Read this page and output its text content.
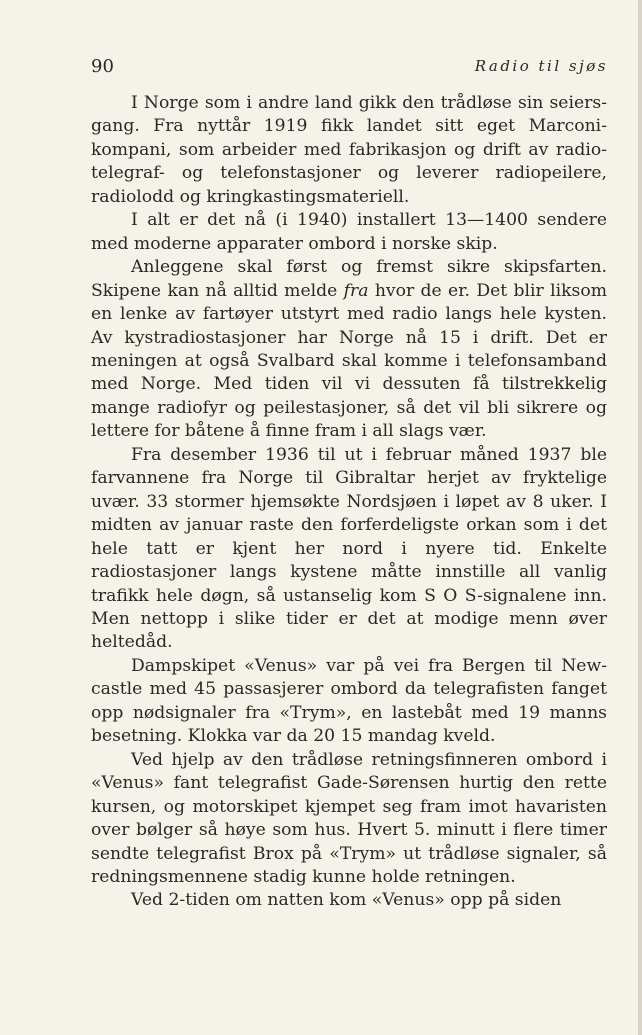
90	Radio til sjøs

I Norge som i andre land gikk den trådløse sin seiersgang. Fra nyttår 1919 fikk landet sitt eget Marconikompani, som arbeider med fabrikasjon og drift av radiotelegraf- og telefonstasjoner og leverer radiopeilere, radiolodd og kringkastingsmateriell.

I alt er det nå (i 1940) installert 13—1400 sendere med moderne apparater ombord i norske skip.

Anleggene skal først og fremst sikre skipsfarten. Skipene kan nå alltid melde fra hvor de er. Det blir liksom en lenke av fartøyer utstyrt med radio langs hele kysten. Av kystradiostasjoner har Norge nå 15 i drift. Det er meningen at også Svalbard skal komme i telefonsamband med Norge. Med tiden vil vi dessuten få tilstrekkelig mange radiofyr og peilestasjoner, så det vil bli sikrere og lettere for båtene å finne fram i all slags vær.

Fra desember 1936 til ut i februar måned 1937 ble farvannene fra Norge til Gibraltar herjet av fryktelige uvær. 33 stormer hjemsøkte Nordsjøen i løpet av 8 uker. I midten av januar raste den forferdeligste orkan som i det hele tatt er kjent her nord i nyere tid. Enkelte radiostasjoner langs kystene måtte innstille all vanlig trafikk hele døgn, så ustanselig kom S O S-signalene inn. Men nettopp i slike tider er det at modige menn øver heltedåd.

Dampskipet «Venus» var på vei fra Bergen til Newcastle med 45 passasjerer ombord da telegrafisten fanget opp nødsignaler fra «Trym», en lastebåt med 19 manns besetning. Klokka var da 20 15 mandag kveld.

Ved hjelp av den trådløse retningsfinneren ombord i «Venus» fant telegrafist Gade-Sørensen hurtig den rette kursen, og motorskipet kjempet seg fram imot havaristen over bølger så høye som hus. Hvert 5. minutt i flere timer sendte telegrafist Brox på «Trym» ut trådløse signaler, så redningsmennene stadig kunne holde retningen.

Ved 2-tiden om natten kom «Venus» opp på siden
